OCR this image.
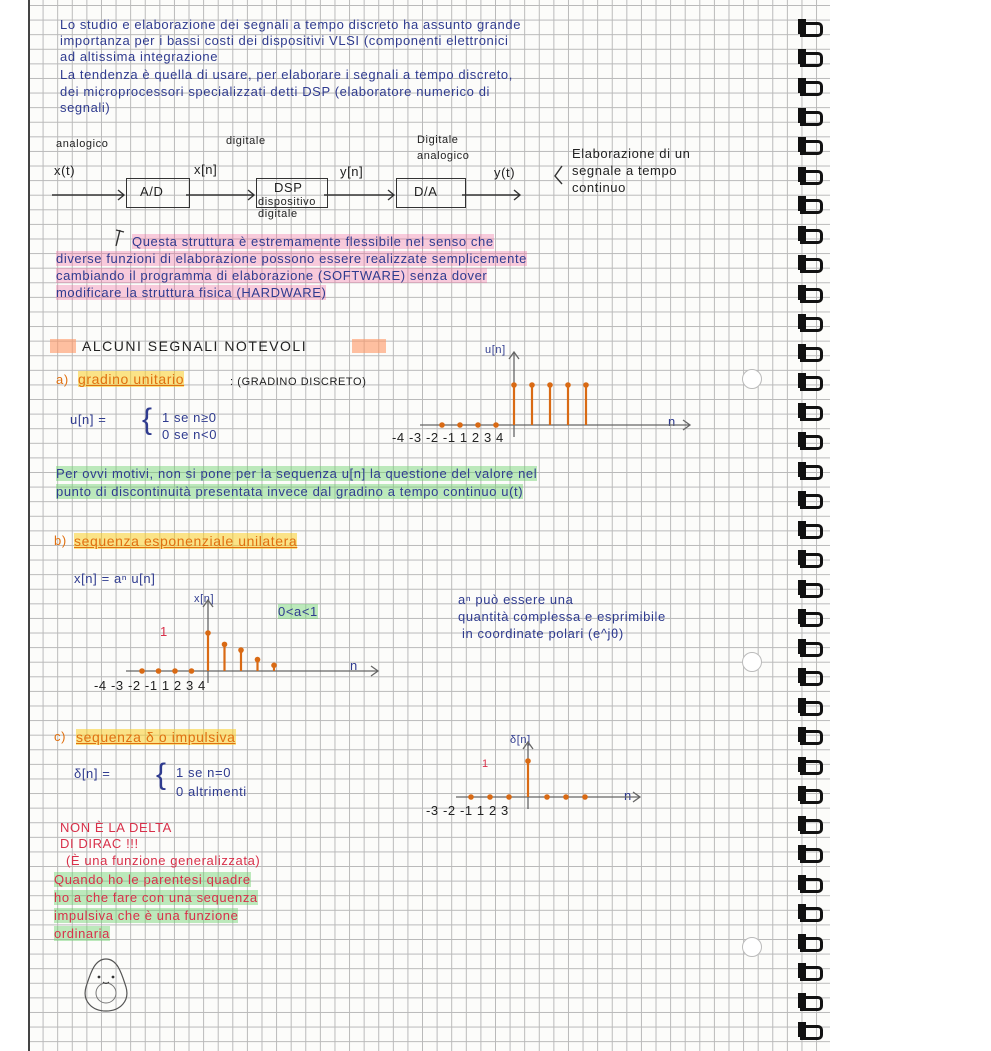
Lo studio e elaborazione dei segnali a tempo discreto ha assunto grande
importanza per i bassi costi dei dispositivi VLSI (componenti elettronici
ad altissima integrazione
La tendenza è quella di usare, per elaborare i segnali a tempo discreto,
dei microprocessori specializzati detti DSP (elaboratore numerico di
segnali)
analogico	digitale	Digitale analogico
x(t)	x[n]	y[n]	y(t)
A/D	DSP
dispositivo digitale
D/A
Elaborazione di un
segnale a tempo
continuo
Questa struttura è estremamente flessibile nel senso che
diverse funzioni di elaborazione possono essere realizzate semplicemente
cambiando il programma di elaborazione (SOFTWARE) senza dover
modificare la struttura fisica (HARDWARE)
ALCUNI SEGNALI NOTEVOLI
a) gradino unitario	: (GRADINO DISCRETO)
u[n] = { 1 se n≥0
0 se n<0
u[n]
n
-4 -3 -2 -1 1 2 3 4
Per ovvi motivi, non si pone per la sequenza u[n] la questione del valore nel
punto di discontinuità presentata invece dal gradino a tempo continuo u(t)
b) sequenza esponenziale unilatera
x[n] = aⁿ u[n]
x[n]
0<a<1
1
n
-4 -3 -2 -1 1 2 3 4
aⁿ può essere una
quantità complessa e esprimibile
in coordinate polari (e^jθ)
c) sequenza δ o impulsiva
δ[n] = { 1 se n=0
0 altrimenti
δ[n]
1
n
-3 -2 -1 1 2 3
NON È LA DELTA
DI DIRAC !!!
(È una funzione generalizzata)
Quando ho le parentesi quadre
ho a che fare con una sequenza
impulsiva che è una funzione
ordinaria
